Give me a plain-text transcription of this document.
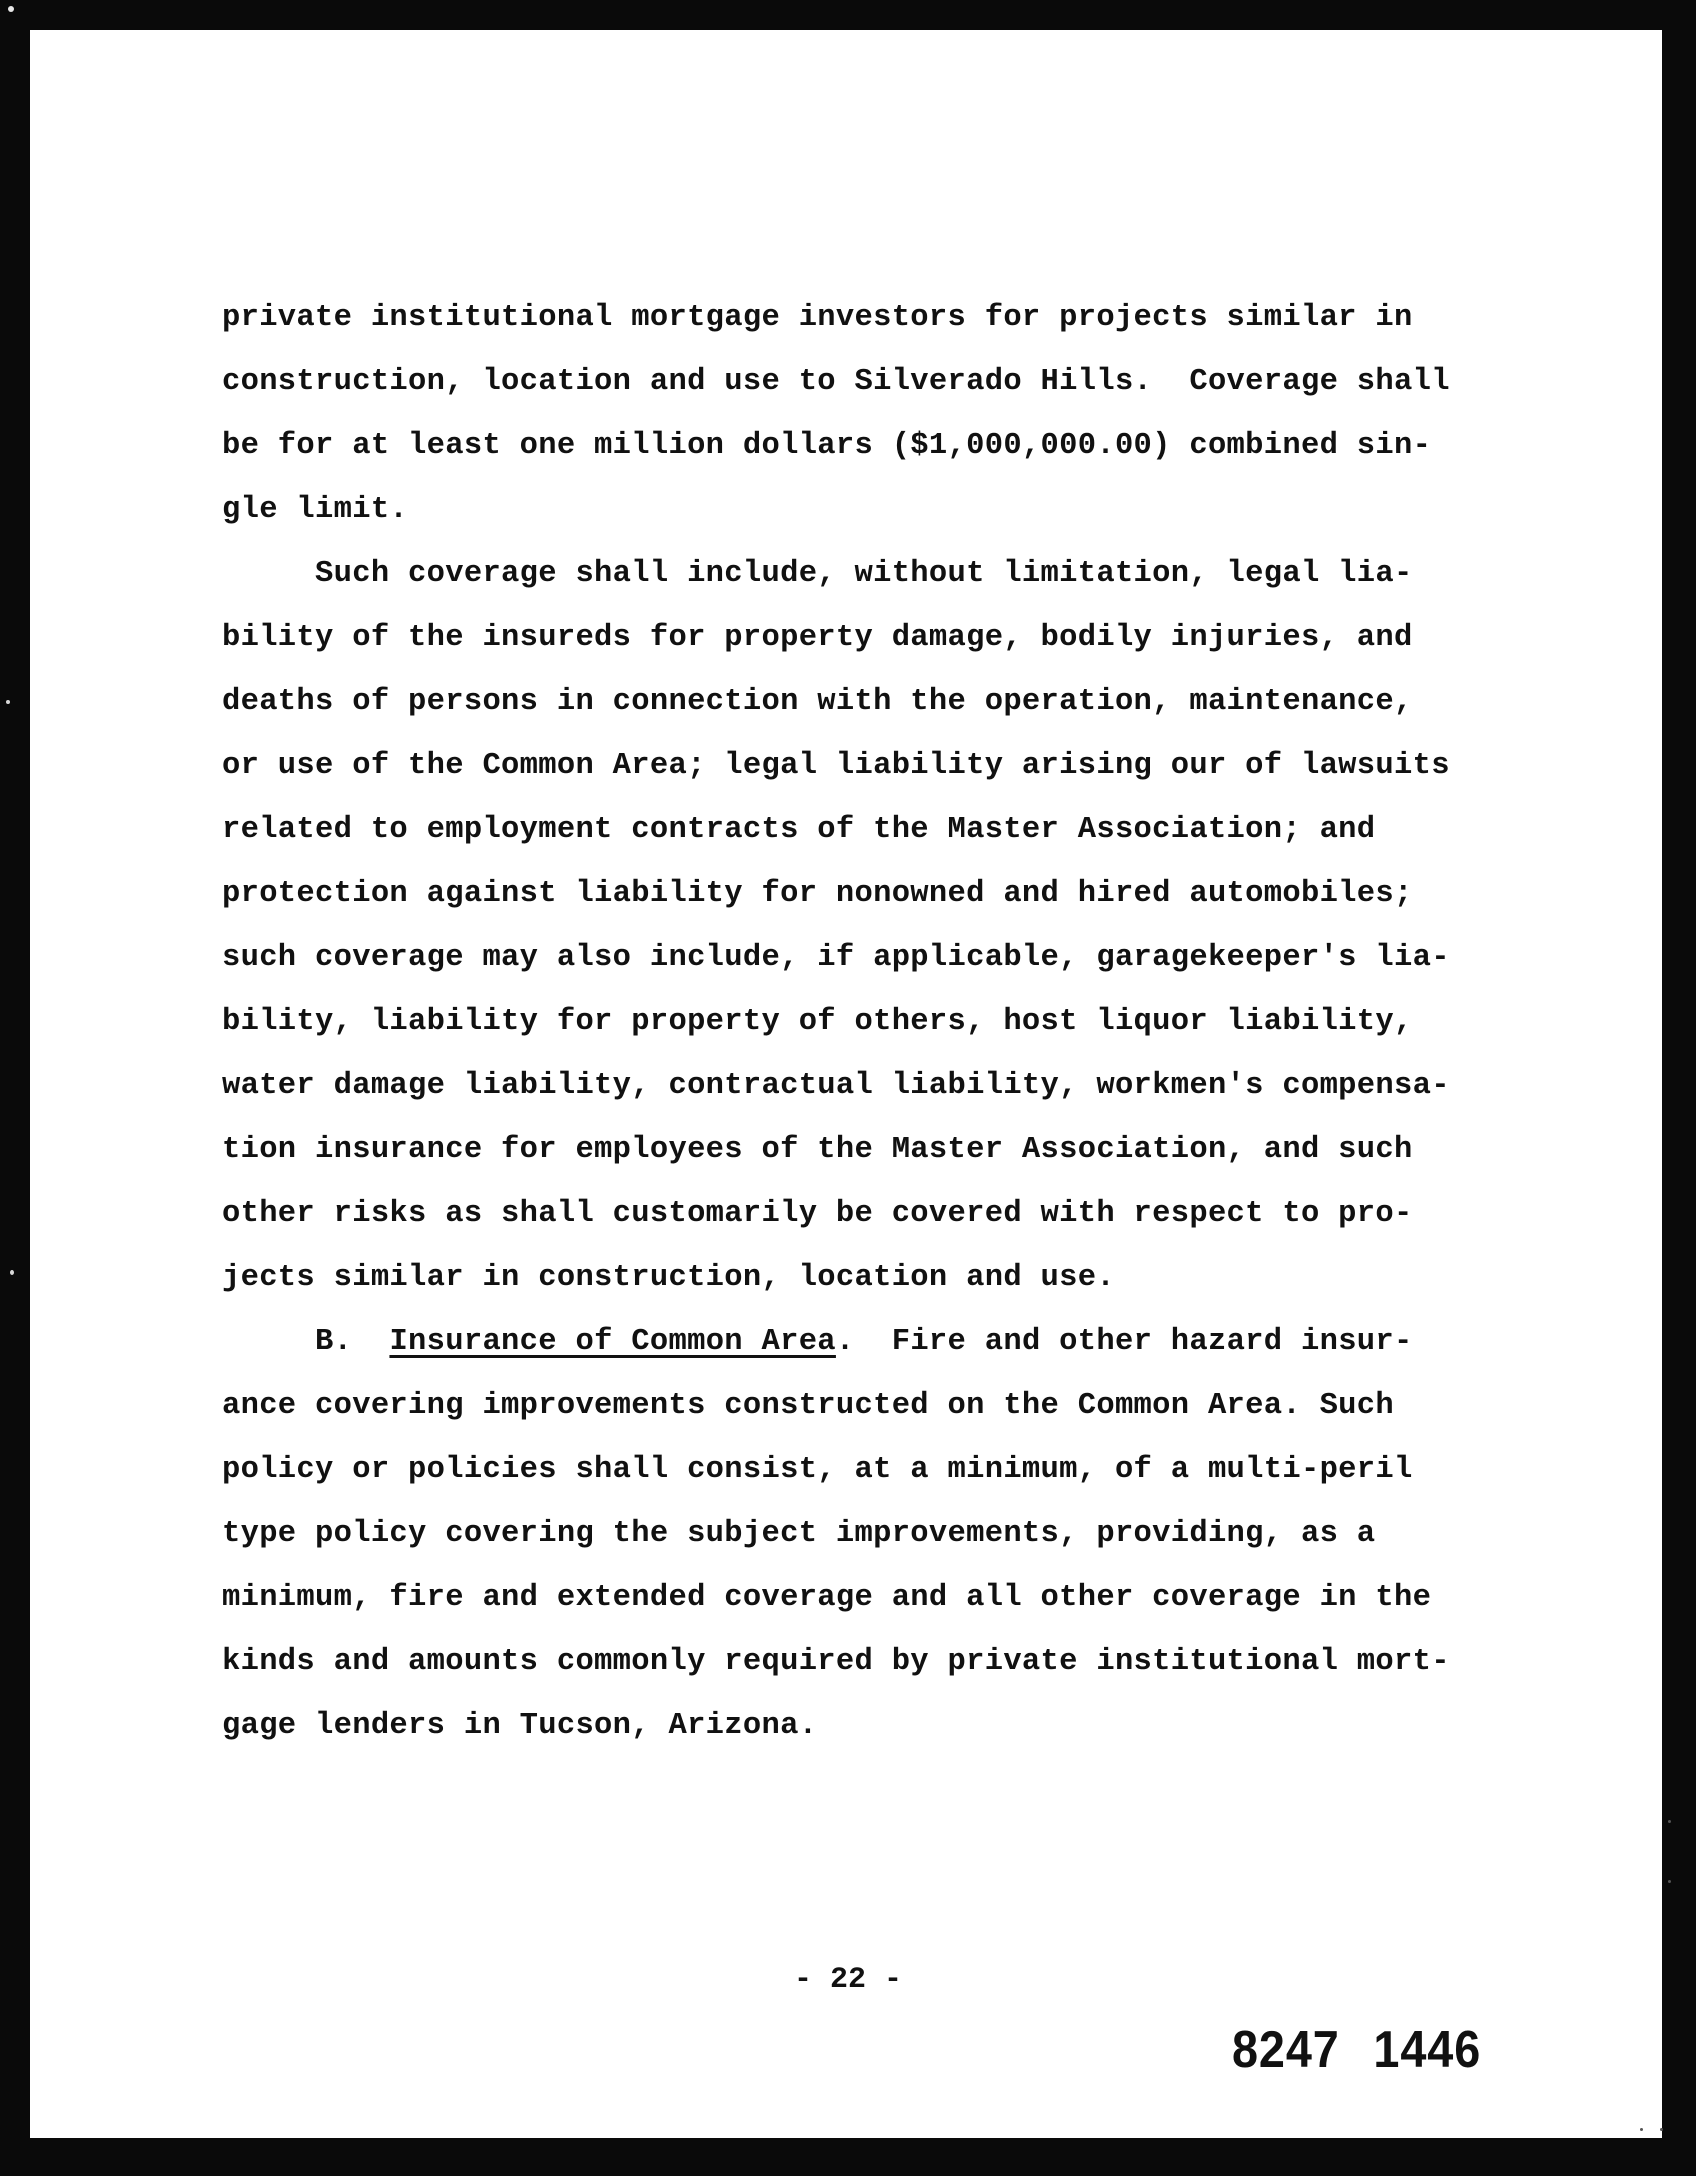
private institutional mortgage investors for projects similar in
construction, location and use to Silverado Hills.  Coverage shall
be for at least one million dollars ($1,000,000.00) combined sin-
gle limit.
Such coverage shall include, without limitation, legal lia-
bility of the insureds for property damage, bodily injuries, and
deaths of persons in connection with the operation, maintenance,
or use of the Common Area; legal liability arising our of lawsuits
related to employment contracts of the Master Association; and
protection against liability for nonowned and hired automobiles;
such coverage may also include, if applicable, garagekeeper's lia-
bility, liability for property of others, host liquor liability,
water damage liability, contractual liability, workmen's compensa-
tion insurance for employees of the Master Association, and such
other risks as shall customarily be covered with respect to pro-
jects similar in construction, location and use.
B.  Insurance of Common Area.  Fire and other hazard insur-
ance covering improvements constructed on the Common Area. Such
policy or policies shall consist, at a minimum, of a multi-peril
type policy covering the subject improvements, providing, as a
minimum, fire and extended coverage and all other coverage in the
kinds and amounts commonly required by private institutional mort-
gage lenders in Tucson, Arizona.
- 22 -
8247 1446
